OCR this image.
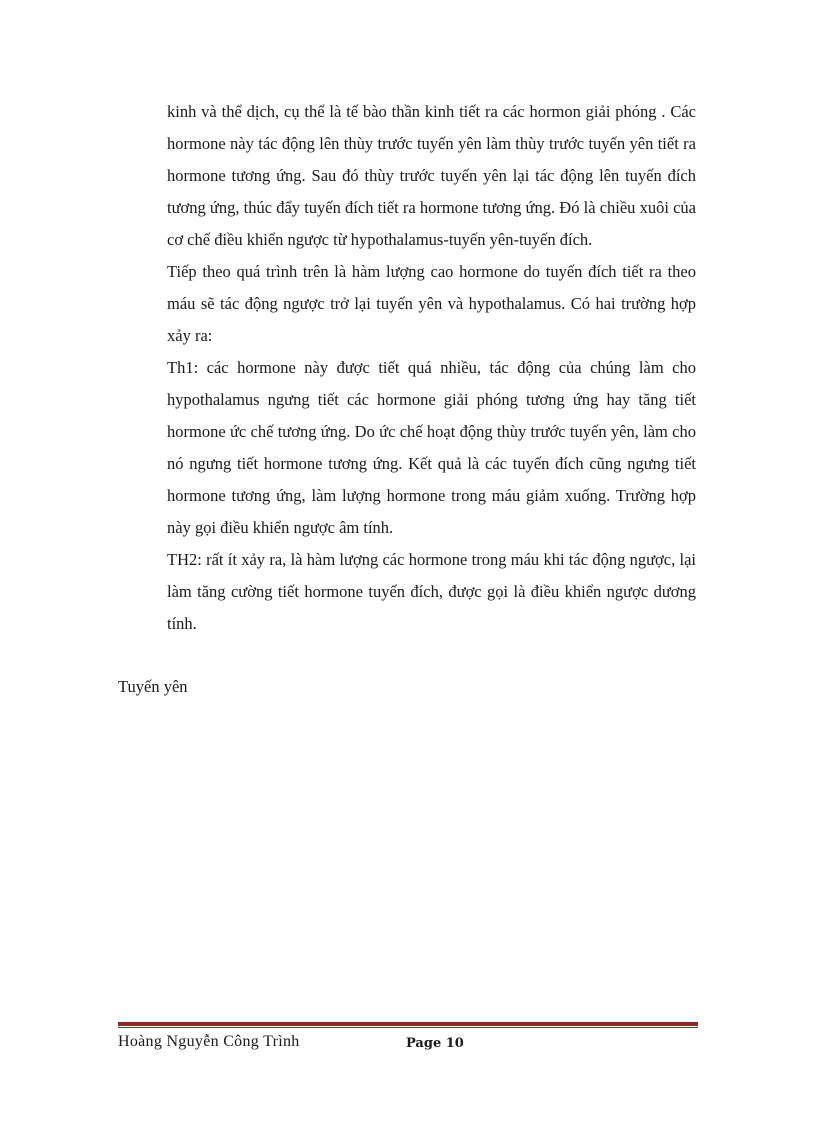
kinh và thể dịch, cụ thể là tế bào thần kinh tiết ra các hormon giải phóng . Các hormone này tác động lên thùy trước tuyến yên làm thùy trước tuyến yên tiết ra hormone tương ứng. Sau đó thùy trước tuyến yên lại tác động lên tuyến đích tương ứng, thúc đẩy tuyến đích tiết ra hormone tương ứng. Đó là chiều xuôi của cơ chế điều khiển ngược từ hypothalamus-tuyến yên-tuyến đích.

Tiếp theo quá trình trên là hàm lượng cao hormone do tuyến đích tiết ra theo máu sẽ tác động ngược trở lại tuyến yên và hypothalamus. Có hai trường hợp xảy ra:

Th1: các hormone này được tiết quá nhiều, tác động của chúng làm cho hypothalamus ngưng tiết các hormone giải phóng tương ứng hay tăng tiết hormone ức chế tương ứng. Do ức chế hoạt động thùy trước tuyến yên, làm cho nó ngưng tiết hormone tương ứng. Kết quả là các tuyến đích cũng ngưng tiết hormone tương ứng, làm lượng hormone trong máu giảm xuống. Trường hợp này gọi điều khiển ngược âm tính.

TH2: rất ít xảy ra, là hàm lượng các hormone trong máu khi tác động ngược, lại làm tăng cường tiết hormone tuyến đích, được gọi là điều khiển ngược dương tính.

Tuyến yên
Hoàng Nguyễn Công Trình	Page 10
